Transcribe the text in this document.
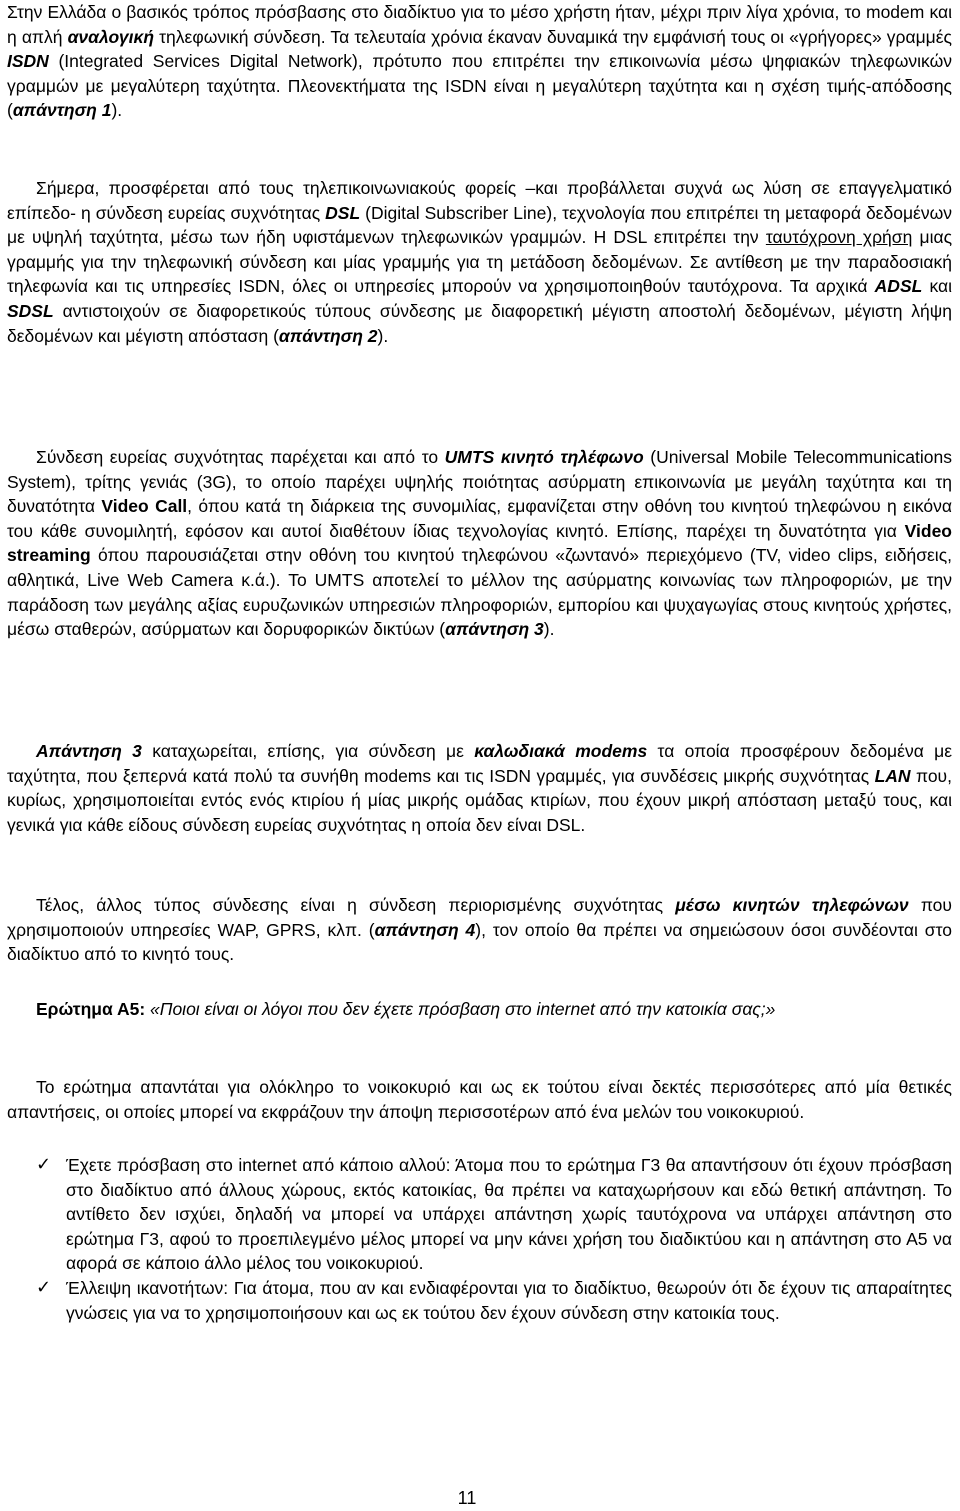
Στην Ελλάδα ο βασικός τρόπος πρόσβασης στο διαδίκτυο για το μέσο χρήστη ήταν, μέχρι πριν λίγα χρόνια, το modem και η απλή αναλογική τηλεφωνική σύνδεση. Τα τελευταία χρόνια έκαναν δυναμικά την εμφάνισή τους οι «γρήγορες» γραμμές ISDN (Integrated Services Digital Network), πρότυπο που επιτρέπει την επικοινωνία μέσω ψηφιακών τηλεφωνικών γραμμών με μεγαλύτερη ταχύτητα. Πλεονεκτήματα της ISDN είναι η μεγαλύτερη ταχύτητα και η σχέση τιμής-απόδοσης (απάντηση 1).

Σήμερα, προσφέρεται από τους τηλεπικοινωνιακούς φορείς –και προβάλλεται συχνά ως λύση σε επαγγελματικό επίπεδο- η σύνδεση ευρείας συχνότητας DSL (Digital Subscriber Line), τεχνολογία που επιτρέπει τη μεταφορά δεδομένων με υψηλή ταχύτητα, μέσω των ήδη υφιστάμενων τηλεφωνικών γραμμών. Η DSL επιτρέπει την ταυτόχρονη χρήση μιας γραμμής για την τηλεφωνική σύνδεση και μίας γραμμής για τη μετάδοση δεδομένων. Σε αντίθεση με την παραδοσιακή τηλεφωνία και τις υπηρεσίες ISDN, όλες οι υπηρεσίες μπορούν να χρησιμοποιηθούν ταυτόχρονα. Τα αρχικά ADSL και SDSL αντιστοιχούν σε διαφορετικούς τύπους σύνδεσης με διαφορετική μέγιστη αποστολή δεδομένων, μέγιστη λήψη δεδομένων και μέγιστη απόσταση (απάντηση 2).

Σύνδεση ευρείας συχνότητας παρέχεται και από το UMTS κινητό τηλέφωνο (Universal Mobile Telecommunications System), τρίτης γενιάς (3G), το οποίο παρέχει υψηλής ποιότητας ασύρματη επικοινωνία με μεγάλη ταχύτητα και τη δυνατότητα Video Call, όπου κατά τη διάρκεια της συνομιλίας, εμφανίζεται στην οθόνη του κινητού τηλεφώνου η εικόνα του κάθε συνομιλητή, εφόσον και αυτοί διαθέτουν ίδιας τεχνολογίας κινητό. Επίσης, παρέχει τη δυνατότητα για Video streaming όπου παρουσιάζεται στην οθόνη του κινητού τηλεφώνου «ζωντανό» περιεχόμενο (TV, video clips, ειδήσεις, αθλητικά, Live Web Camera κ.ά.). Το UMTS αποτελεί το μέλλον της ασύρματης κοινωνίας των πληροφοριών, με την παράδοση των μεγάλης αξίας ευρυζωνικών υπηρεσιών πληροφοριών, εμπορίου και ψυχαγωγίας στους κινητούς χρήστες, μέσω σταθερών, ασύρματων και δορυφορικών δικτύων (απάντηση 3).

Απάντηση 3 καταχωρείται, επίσης, για σύνδεση με καλωδιακά modems τα οποία προσφέρουν δεδομένα με ταχύτητα, που ξεπερνά κατά πολύ τα συνήθη modems και τις ISDN γραμμές, για συνδέσεις μικρής συχνότητας LAN που, κυρίως, χρησιμοποιείται εντός ενός κτιρίου ή μίας μικρής ομάδας κτιρίων, που έχουν μικρή απόσταση μεταξύ τους, και γενικά για κάθε είδους σύνδεση ευρείας συχνότητας η οποία δεν είναι DSL.

Τέλος, άλλος τύπος σύνδεσης είναι η σύνδεση περιορισμένης συχνότητας μέσω κινητών τηλεφώνων που χρησιμοποιούν υπηρεσίες WAP, GPRS, κλπ. (απάντηση 4), τον οποίο θα πρέπει να σημειώσουν όσοι συνδέονται στο διαδίκτυο από το κινητό τους.

Ερώτημα Α5: «Ποιοι είναι οι λόγοι που δεν έχετε πρόσβαση στο internet από την κατοικία σας;»

Το ερώτημα απαντάται για ολόκληρο το νοικοκυριό και ως εκ τούτου είναι δεκτές περισσότερες από μία θετικές απαντήσεις, οι οποίες μπορεί να εκφράζουν την άποψη περισσοτέρων από ένα μελών του νοικοκυριού.

✓ Έχετε πρόσβαση στο internet από κάποιο αλλού: Άτομα που το ερώτημα Γ3 θα απαντήσουν ότι έχουν πρόσβαση στο διαδίκτυο από άλλους χώρους, εκτός κατοικίας, θα πρέπει να καταχωρήσουν και εδώ θετική απάντηση. Το αντίθετο δεν ισχύει, δηλαδή να μπορεί να υπάρχει απάντηση χωρίς ταυτόχρονα να υπάρχει απάντηση στο ερώτημα Γ3, αφού το προεπιλεγμένο μέλος μπορεί να μην κάνει χρήση του διαδικτύου και η απάντηση στο Α5 να αφορά σε κάποιο άλλο μέλος του νοικοκυριού.
✓ Έλλειψη ικανοτήτων: Για άτομα, που αν και ενδιαφέρονται για το διαδίκτυο, θεωρούν ότι δε έχουν τις απαραίτητες γνώσεις για να το χρησιμοποιήσουν και ως εκ τούτου δεν έχουν σύνδεση στην κατοικία τους.
11
